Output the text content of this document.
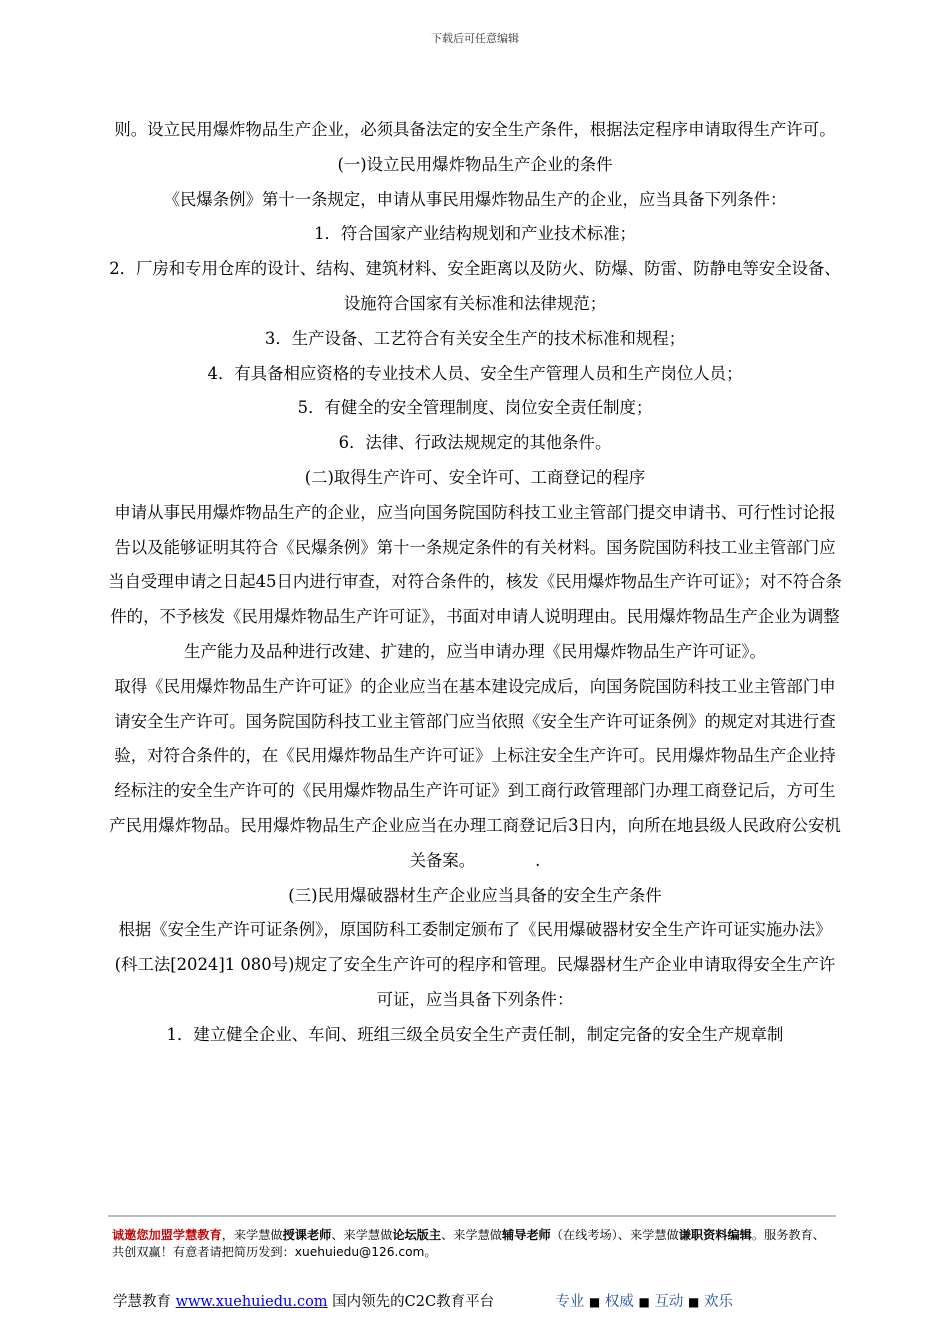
下载后可任意编辑

则。设立民用爆炸物品生产企业，必须具备法定的安全生产条件，根据法定程序申请取得生产许可。

(一)设立民用爆炸物品生产企业的条件

《民爆条例》第十一条规定，申请从事民用爆炸物品生产的企业，应当具备下列条件：

1．符合国家产业结构规划和产业技术标准；

2．厂房和专用仓库的设计、结构、建筑材料、安全距离以及防火、防爆、防雷、防静电等安全设备、设施符合国家有关标准和法律规范；

3．生产设备、工艺符合有关安全生产的技术标准和规程；

4．有具备相应资格的专业技术人员、安全生产管理人员和生产岗位人员；

5．有健全的安全管理制度、岗位安全责任制度；

6．法律、行政法规规定的其他条件。

(二)取得生产许可、安全许可、工商登记的程序

申请从事民用爆炸物品生产的企业，应当向国务院国防科技工业主管部门提交申请书、可行性讨论报告以及能够证明其符合《民爆条例》第十一条规定条件的有关材料。国务院国防科技工业主管部门应当自受理申请之日起45日内进行审查，对符合条件的，核发《民用爆炸物品生产许可证》；对不符合条件的，不予核发《民用爆炸物品生产许可证》，书面对申请人说明理由。民用爆炸物品生产企业为调整生产能力及品种进行改建、扩建的，应当申请办理《民用爆炸物品生产许可证》。

取得《民用爆炸物品生产许可证》的企业应当在基本建设完成后，向国务院国防科技工业主管部门申请安全生产许可。国务院国防科技工业主管部门应当依照《安全生产许可证条例》的规定对其进行查验，对符合条件的，在《民用爆炸物品生产许可证》上标注安全生产许可。民用爆炸物品生产企业持经标注的安全生产许可的《民用爆炸物品生产许可证》到工商行政管理部门办理工商登记后，方可生产民用爆炸物品。民用爆炸物品生产企业应当在办理工商登记后3日内，向所在地县级人民政府公安机关备案。	.

(三)民用爆破器材生产企业应当具备的安全生产条件

根据《安全生产许可证条例》，原国防科工委制定颁布了《民用爆破器材安全生产许可证实施办法》(科工法[2024]1 080号)规定了安全生产许可的程序和管理。民爆器材生产企业申请取得安全生产许可证，应当具备下列条件：

1．建立健全企业、车间、班组三级全员安全生产责任制，制定完备的安全生产规章制

诚邀您加盟学慧教育，来学慧做授课老师、来学慧做论坛版主、来学慧做辅导老师（在线考场）、来学慧做谦职资料编辑。服务教育、共创双赢！有意者请把简历发到：xuehuiedu@126.com。
学慧教育 www.xuehuiedu.com 国内领先的C2C教育平台	专业 ■ 权威 ■ 互动 ■ 欢乐
